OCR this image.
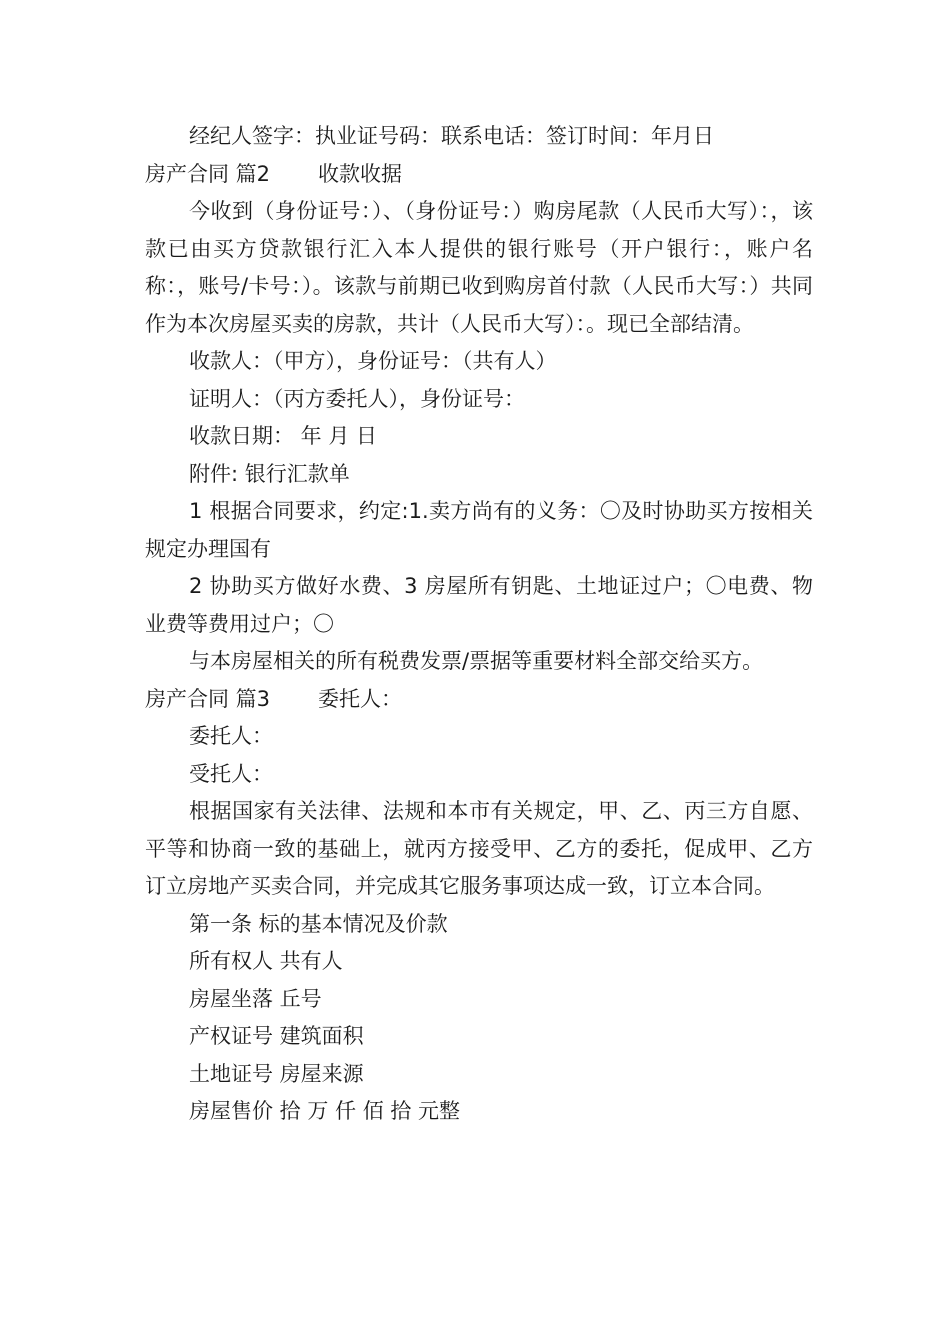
经纪人签字：执业证号码：联系电话：签订时间：年月日

房产合同 篇2 收款收据

今收到（身份证号：）、（身份证号：）购房尾款（人民币大写）：，该款已由买方贷款银行汇入本人提供的银行账号（开户银行：，账户名称：，账号/卡号：）。该款与前期已收到购房首付款（人民币大写：）共同作为本次房屋买卖的房款，共计（人民币大写）：。现已全部结清。

收款人：（甲方），身份证号：（共有人）

证明人：（丙方委托人），身份证号：

收款日期： 年 月 日

附件: 银行汇款单

1 根据合同要求，约定:1.卖方尚有的义务：〇及时协助买方按相关规定办理国有

2 协助买方做好水费、3 房屋所有钥匙、土地证过户；〇电费、物业费等费用过户；〇

与本房屋相关的所有税费发票/票据等重要材料全部交给买方。

房产合同 篇3 委托人：

委托人：

受托人：

根据国家有关法律、法规和本市有关规定，甲、乙、丙三方自愿、平等和协商一致的基础上，就丙方接受甲、乙方的委托，促成甲、乙方订立房地产买卖合同，并完成其它服务事项达成一致，订立本合同。

第一条 标的基本情况及价款

所有权人 共有人

房屋坐落 丘号

产权证号 建筑面积

土地证号 房屋来源

房屋售价 拾 万 仟 佰 拾 元整
